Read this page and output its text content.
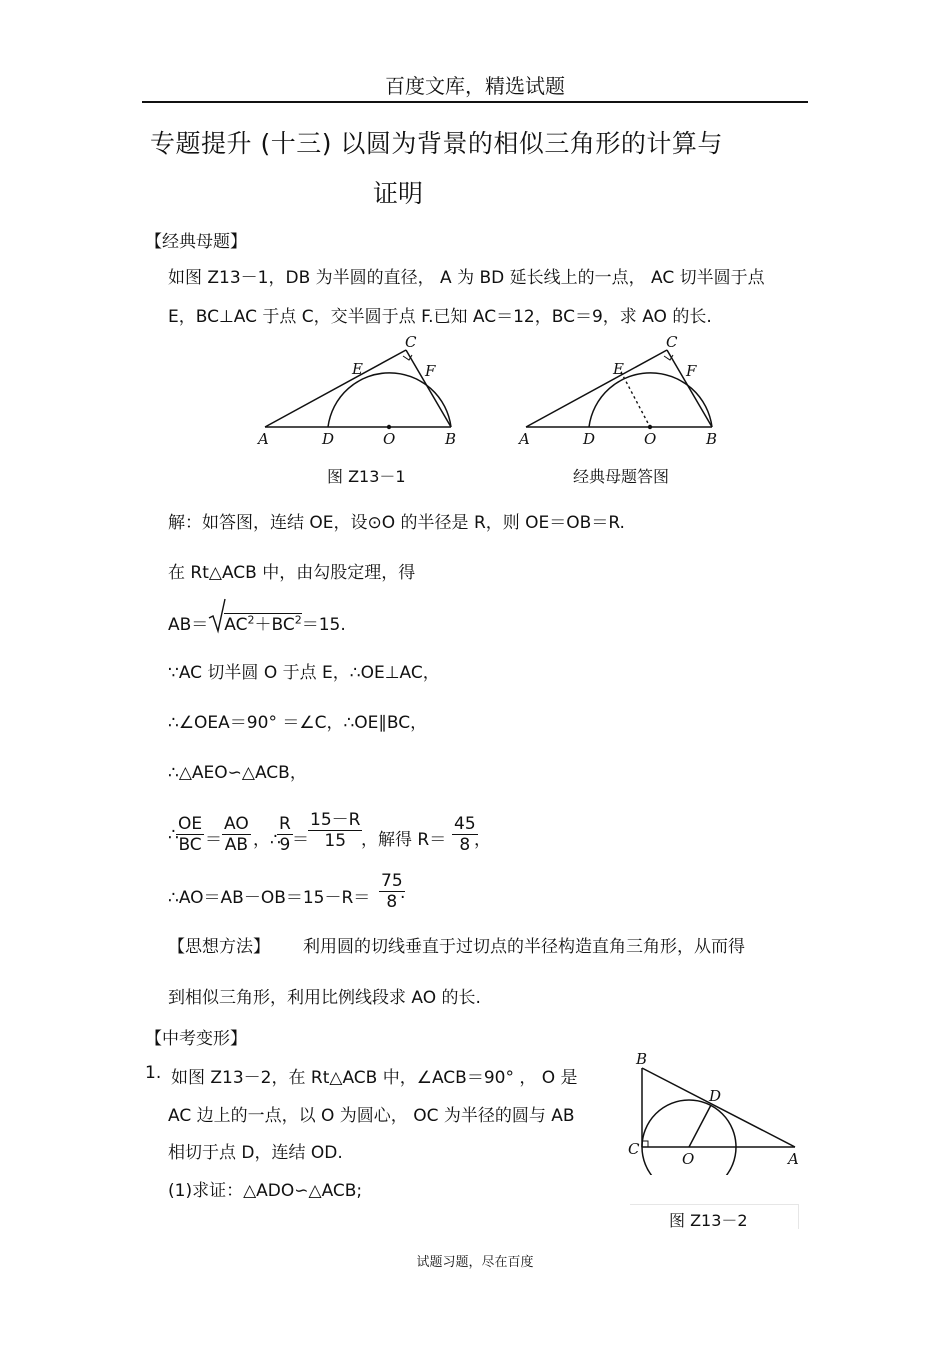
百度文库，精选试题
专题提升 (十三) 以圆为背景的相似三角形的计算与
证明
【经典母题】
如图 Z13－1，DB 为半圆的直径， A 为 BD 延长线上的一点， AC 切半圆于点
E，BC⊥AC 于点 C，交半圆于点 F.已知 AC＝12，BC＝9，求 AO 的长.
A	D	O	B
E
C
F
图 Z13－1
A	D	O	B
E
C
F
经典母题答图
解：如答图，连结 OE，设⊙O 的半径是 R，则 OE＝OB＝R.
在 Rt△ACB 中，由勾股定理，得
$AB= AC^2+BC^2=15$.
∵AC 切半圆 O 于点 E，∴OE⊥AC，
∴∠OEA＝90° ＝∠C，∴OE∥BC，
∴△AEO∽△ACB，
∴
$\frac{OE}{BC} = \frac{AO}{AB}$ ，∴
$\frac{R}{9} = \frac{15-R}{15}$
，解得 $R= \frac{45}{8}$
，
∴AO＝AB－OB＝15－R＝ $\frac{75}{8}$
.
【思想方法】 利用圆的切线垂直于过切点的半径构造直角三角形，从而得
到相似三角形，利用比例线段求 AO 的长.
【中考变形】
1. 如图 Z13－2，在 Rt△ACB 中，∠ACB＝90° ， O 是
AC 边上的一点，以 O 为圆心， OC 为半径的圆与 AB
相切于点 D，连结 OD.
(1)求证：△ADO∽△ACB;
B
C
O
D
A
图 Z13－2
试题习题，尽在百度
